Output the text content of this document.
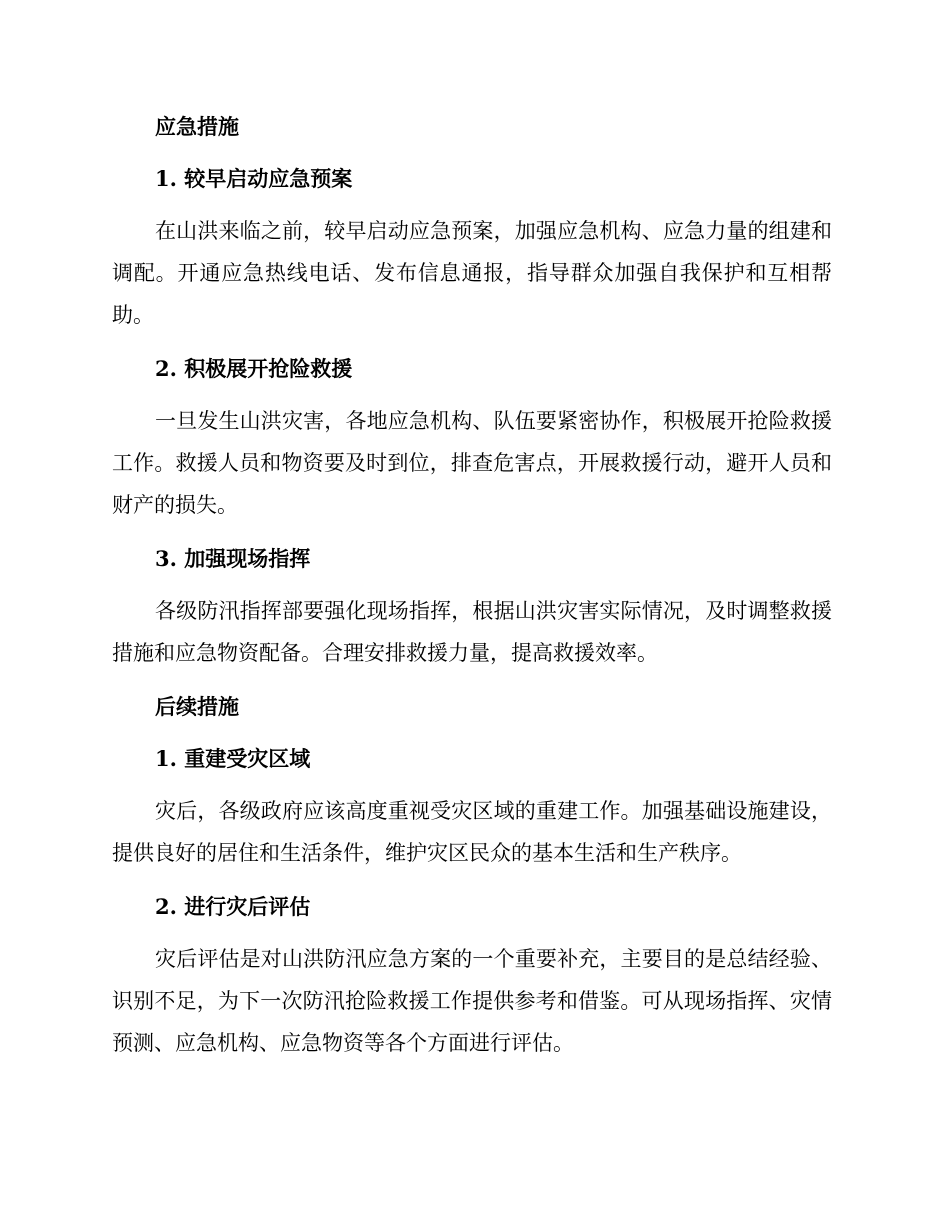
应急措施
1. 较早启动应急预案

在山洪来临之前，较早启动应急预案，加强应急机构、应急力量的组建和调配。开通应急热线电话、发布信息通报，指导群众加强自我保护和互相帮助。

2. 积极展开抢险救援

一旦发生山洪灾害，各地应急机构、队伍要紧密协作，积极展开抢险救援工作。救援人员和物资要及时到位，排查危害点，开展救援行动，避开人员和财产的损失。

3. 加强现场指挥

各级防汛指挥部要强化现场指挥，根据山洪灾害实际情况，及时调整救援措施和应急物资配备。合理安排救援力量，提高救援效率。

后续措施
1. 重建受灾区域

灾后，各级政府应该高度重视受灾区域的重建工作。加强基础设施建设，提供良好的居住和生活条件，维护灾区民众的基本生活和生产秩序。

2. 进行灾后评估

灾后评估是对山洪防汛应急方案的一个重要补充，主要目的是总结经验、识别不足，为下一次防汛抢险救援工作提供参考和借鉴。可从现场指挥、灾情预测、应急机构、应急物资等各个方面进行评估。
